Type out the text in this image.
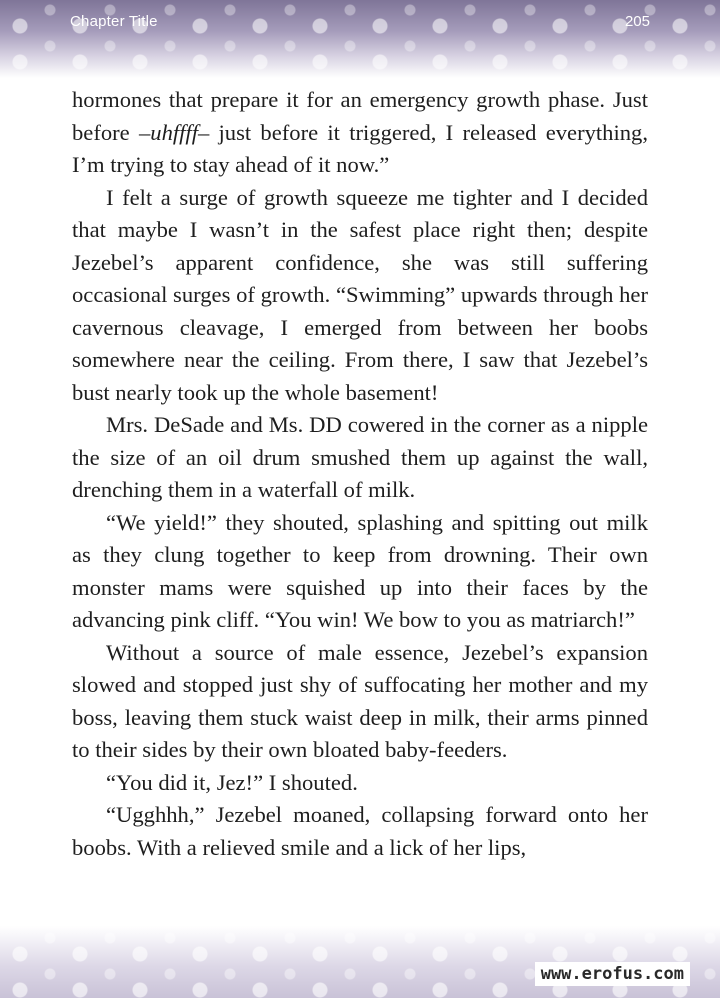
Chapter Title	205

hormones that prepare it for an emergency growth phase. Just before –uhffff– just before it triggered, I released everything, I’m trying to stay ahead of it now.”

I felt a surge of growth squeeze me tighter and I decided that maybe I wasn’t in the safest place right then; despite Jezebel’s apparent confidence, she was still suffering occasional surges of growth. “Swimming” upwards through her cavernous cleavage, I emerged from between her boobs somewhere near the ceiling. From there, I saw that Jezebel’s bust nearly took up the whole basement!

Mrs. DeSade and Ms. DD cowered in the corner as a nipple the size of an oil drum smushed them up against the wall, drenching them in a waterfall of milk.

“We yield!” they shouted, splashing and spitting out milk as they clung together to keep from drowning. Their own monster mams were squished up into their faces by the advancing pink cliff. “You win! We bow to you as matriarch!”

Without a source of male essence, Jezebel’s expansion slowed and stopped just shy of suffocating her mother and my boss, leaving them stuck waist deep in milk, their arms pinned to their sides by their own bloated baby-feeders.

“You did it, Jez!” I shouted.

“Ugghhh,” Jezebel moaned, collapsing forward onto her boobs. With a relieved smile and a lick of her lips,

www.erofus.com
